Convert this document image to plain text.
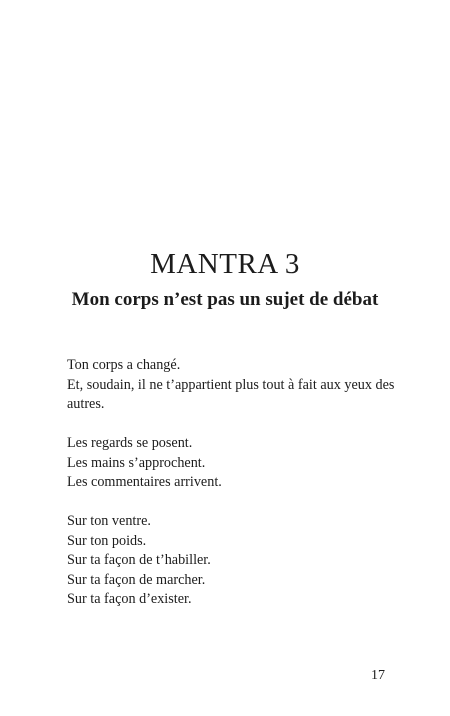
MANTRA 3
Mon corps n’est pas un sujet de débat

Ton corps a changé.
Et, soudain, il ne t’appartient plus tout à fait aux yeux des
autres.

Les regards se posent.
Les mains s’approchent.
Les commentaires arrivent.

Sur ton ventre.
Sur ton poids.
Sur ta façon de t’habiller.
Sur ta façon de marcher.
Sur ta façon d’exister.

17
